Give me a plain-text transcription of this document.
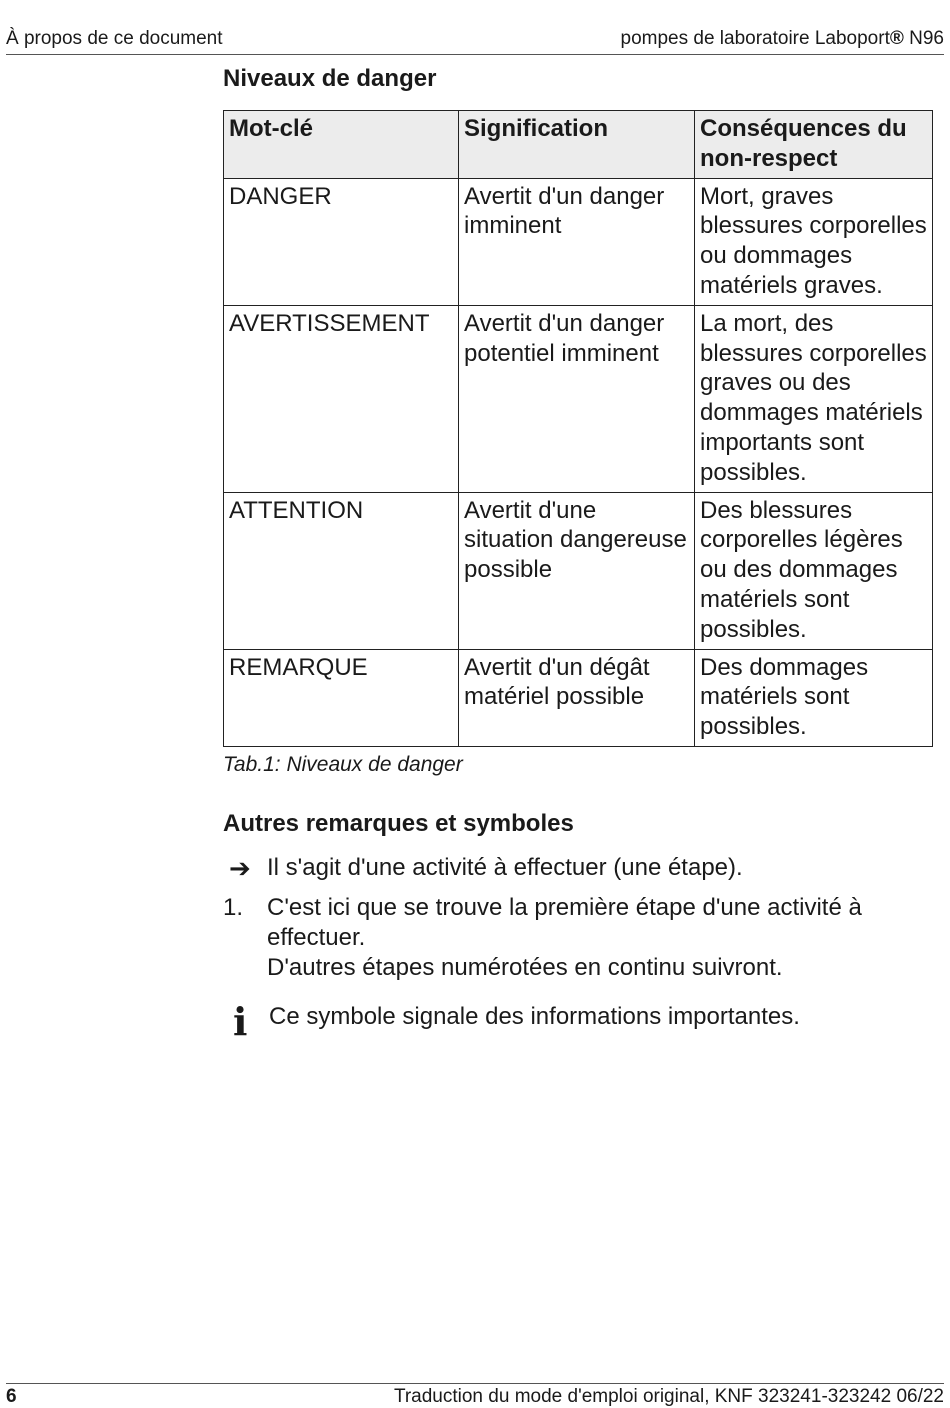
À propos de ce document	pompes de laboratoire Laboport® N96
Niveaux de danger
Mot-clé	Signification	Conséquences du non-respect
DANGER	Avertit d'un danger imminent	Mort, graves blessures corporelles ou dommages matériels graves.
AVERTISSEMENT	Avertit d'un danger potentiel imminent	La mort, des blessures corporelles graves ou des dommages matériels importants sont possibles.
ATTENTION	Avertit d'une situation dangereuse possible	Des blessures corporelles légères ou des dommages matériels sont possibles.
REMARQUE	Avertit d'un dégât matériel possible	Des dommages matériels sont possibles.
Tab.1: Niveaux de danger
Autres remarques et symboles
➔ Il s'agit d'une activité à effectuer (une étape).
1. C'est ici que se trouve la première étape d'une activité à effectuer.
D'autres étapes numérotées en continu suivront.
i Ce symbole signale des informations importantes.
6	Traduction du mode d'emploi original, KNF 323241-323242 06/22
